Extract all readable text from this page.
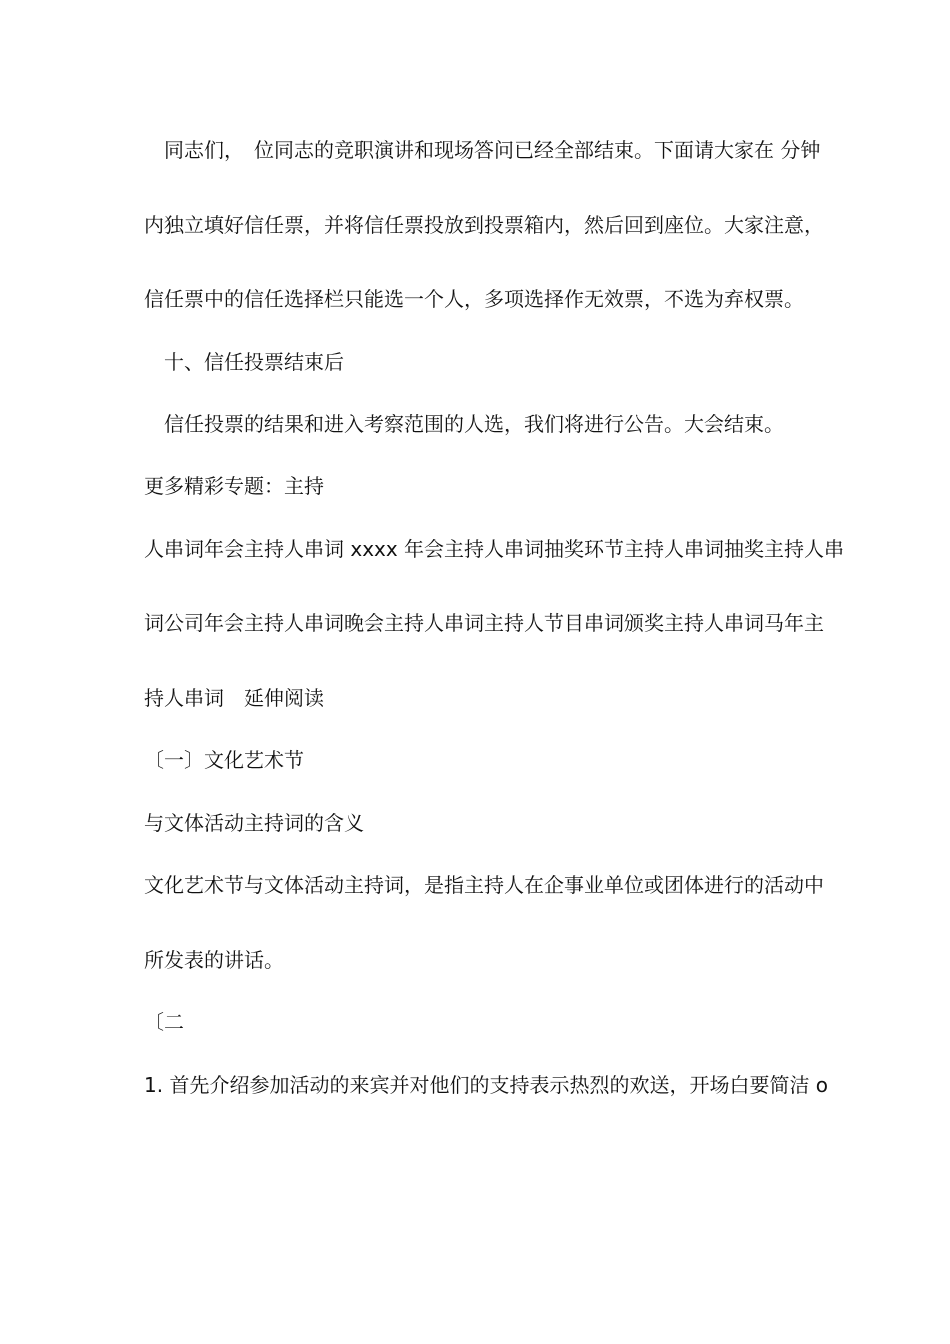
　同志们，　位同志的竞职演讲和现场答问已经全部结束。下面请大家在 分钟
内独立填好信任票，并将信任票投放到投票箱内，然后回到座位。大家注意，
信任票中的信任选择栏只能选一个人，多项选择作无效票，不选为弃权票。
　十、信任投票结束后
　信任投票的结果和进入考察范围的人选，我们将进行公告。大会结束。
更多精彩专题：主持
人串词年会主持人串词 xxxx 年会主持人串词抽奖环节主持人串词抽奖主持人串
词公司年会主持人串词晚会主持人串词主持人节目串词颁奖主持人串词马年主
持人串词　延伸阅读
〔一〕文化艺术节
与文体活动主持词的含义
文化艺术节与文体活动主持词，是指主持人在企事业单位或团体进行的活动中
所发表的讲话。
〔二
1. 首先介绍参加活动的来宾并对他们的支持表示热烈的欢送，开场白要简洁 o
